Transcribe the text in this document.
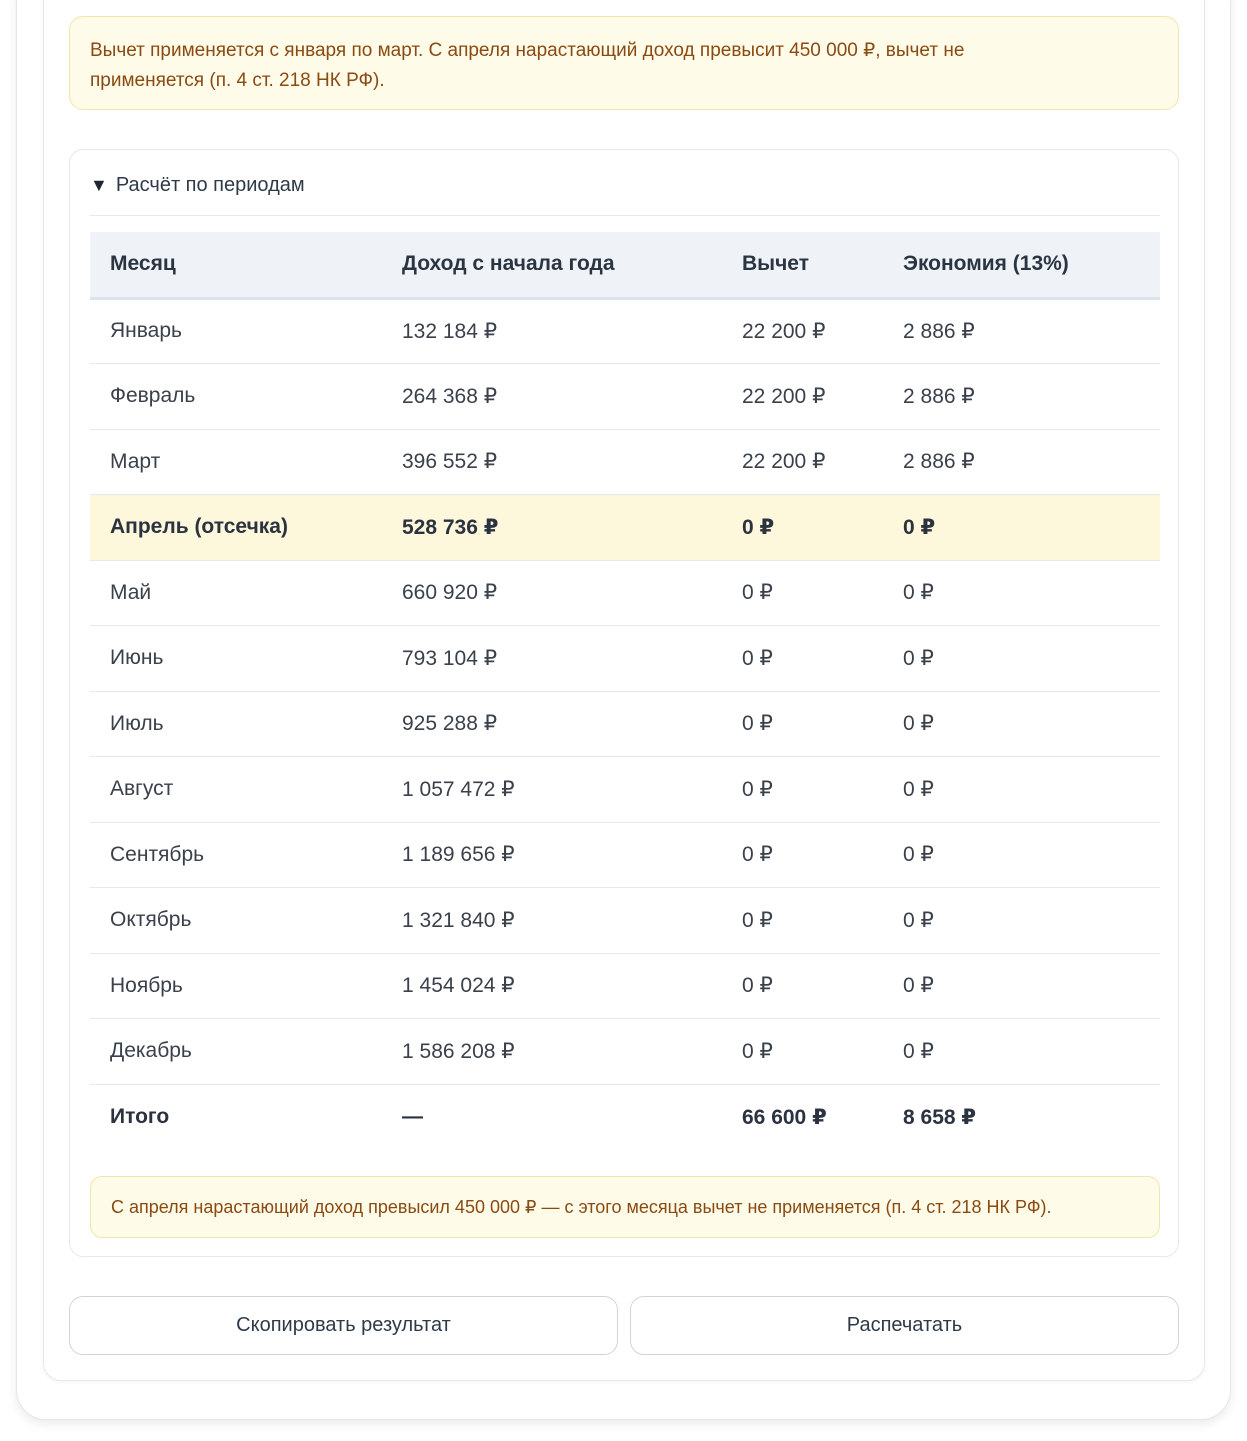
Вычет применяется с января по март. С апреля нарастающий доход превысит 450 000 ₽, вычет не
применяется (п. 4 ст. 218 НК РФ).
▼ Расчёт по периодам
Месяц	Доход с начала года	Вычет	Экономия (13%)
Январь	132 184 ₽	22 200 ₽	2 886 ₽
Февраль	264 368 ₽	22 200 ₽	2 886 ₽
Март	396 552 ₽	22 200 ₽	2 886 ₽
Апрель (отсечка)	528 736 ₽	0 ₽	0 ₽
Май	660 920 ₽	0 ₽	0 ₽
Июнь	793 104 ₽	0 ₽	0 ₽
Июль	925 288 ₽	0 ₽	0 ₽
Август	1 057 472 ₽	0 ₽	0 ₽
Сентябрь	1 189 656 ₽	0 ₽	0 ₽
Октябрь	1 321 840 ₽	0 ₽	0 ₽
Ноябрь	1 454 024 ₽	0 ₽	0 ₽
Декабрь	1 586 208 ₽	0 ₽	0 ₽
Итого	—	66 600 ₽	8 658 ₽
С апреля нарастающий доход превысил 450 000 ₽ — с этого месяца вычет не применяется (п. 4 ст. 218 НК РФ).
Скопировать результат	Распечатать
